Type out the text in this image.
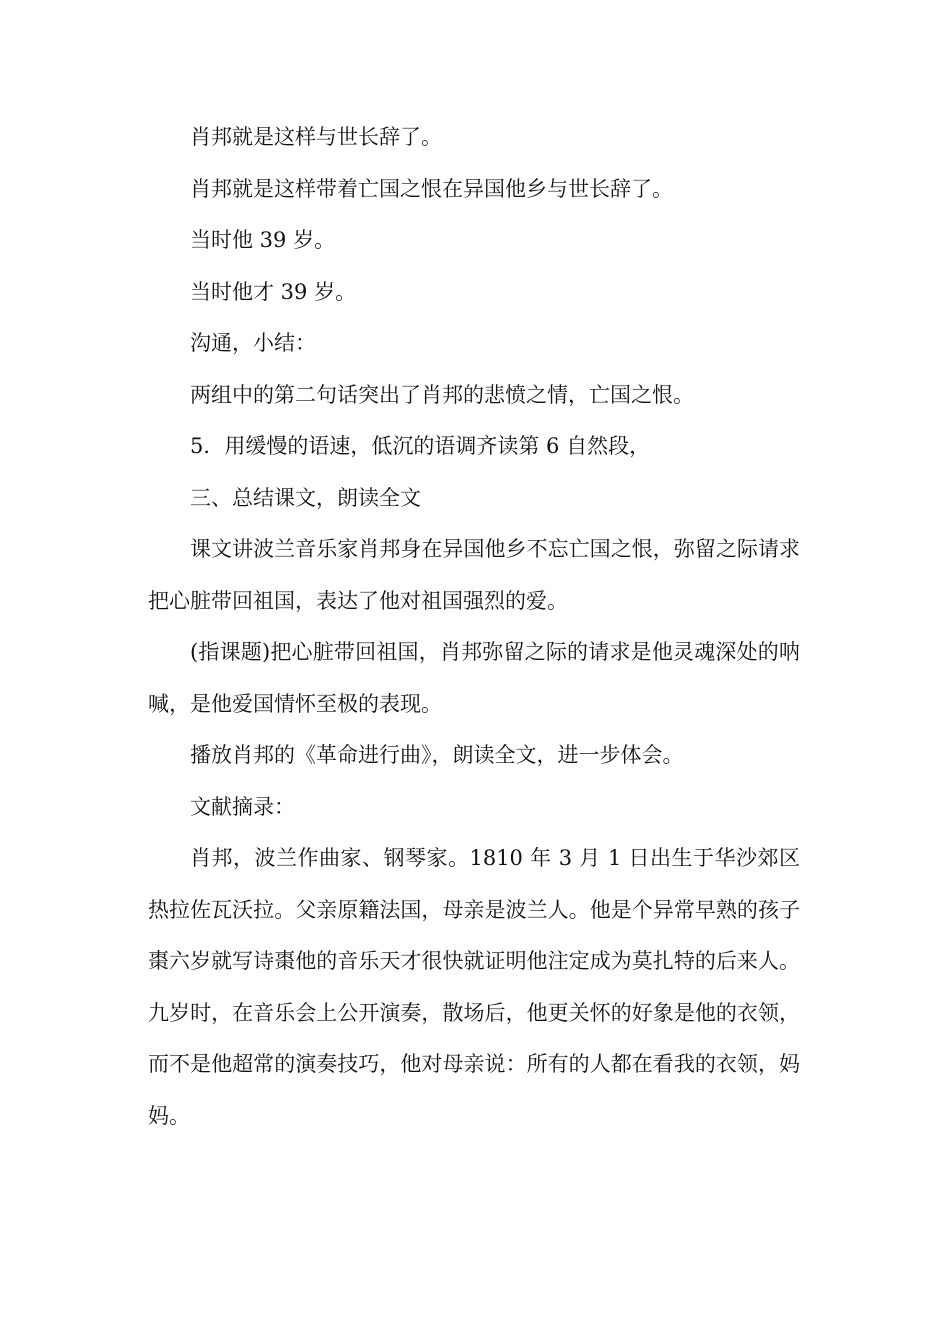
肖邦就是这样与世长辞了。

肖邦就是这样带着亡国之恨在异国他乡与世长辞了。

当时他 39 岁。

当时他才 39 岁。

沟通，小结：

两组中的第二句话突出了肖邦的悲愤之情，亡国之恨。

5．用缓慢的语速，低沉的语调齐读第 6 自然段，

三、总结课文，朗读全文

课文讲波兰音乐家肖邦身在异国他乡不忘亡国之恨，弥留之际请求把心脏带回祖国，表达了他对祖国强烈的爱。

(指课题)把心脏带回祖国，肖邦弥留之际的请求是他灵魂深处的呐喊，是他爱国情怀至极的表现。

播放肖邦的《革命进行曲》，朗读全文，进一步体会。

文献摘录：

肖邦，波兰作曲家、钢琴家。1810 年 3 月 1 日出生于华沙郊区热拉佐瓦沃拉。父亲原籍法国，母亲是波兰人。他是个异常早熟的孩子棗六岁就写诗棗他的音乐天才很快就证明他注定成为莫扎特的后来人。九岁时，在音乐会上公开演奏，散场后，他更关怀的好象是他的衣领，而不是他超常的演奏技巧，他对母亲说：所有的人都在看我的衣领，妈妈。
